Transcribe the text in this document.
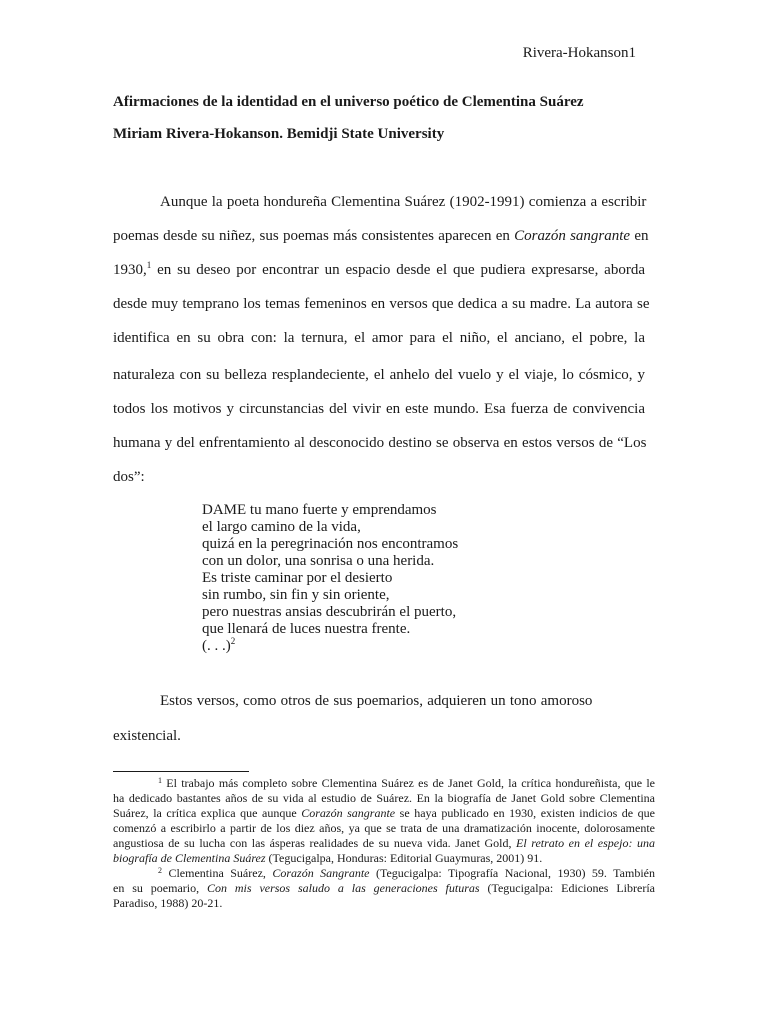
Rivera-Hokanson1
Afirmaciones de la identidad en el universo poético de Clementina Suárez
Miriam Rivera-Hokanson. Bemidji State University
Aunque la poeta hondureña Clementina Suárez (1902-1991) comienza a escribir
poemas desde su niñez, sus poemas más consistentes aparecen en Corazón sangrante en
1930,$^1$ en su deseo por encontrar un espacio desde el que pudiera expresarse, aborda
desde muy temprano los temas femeninos en versos que dedica a su madre. La autora se
identifica en su obra con: la ternura, el amor para el niño, el anciano, el pobre, la
naturaleza con su belleza resplandeciente, el anhelo del vuelo y el viaje, lo cósmico, y
todos los motivos y circunstancias del vivir en este mundo. Esa fuerza de convivencia
humana y del enfrentamiento al desconocido destino se observa en estos versos de “Los
dos”:
DAME tu mano fuerte y emprendamos
el largo camino de la vida,
quizá en la peregrinación nos encontramos
con un dolor, una sonrisa o una herida.
Es triste caminar por el desierto
sin rumbo, sin fin y sin oriente,
pero nuestras ansias descubrirán el puerto,
que llenará de luces nuestra frente.
(. . .)$^2$
Estos versos, como otros de sus poemarios, adquieren un tono amoroso
existencial.
$^1$ El trabajo más completo sobre Clementina Suárez es de Janet Gold, la crítica hondureñista, que le
ha dedicado bastantes años de su vida al estudio de Suárez. En la biografía de Janet Gold sobre Clementina
Suárez, la crítica explica que aunque Corazón sangrante se haya publicado en 1930, existen indicios de que
comenzó a escribirlo a partir de los diez años, ya que se trata de una dramatización inocente, dolorosamente
angustiosa de su lucha con las ásperas realidades de su nueva vida. Janet Gold, El retrato en el espejo: una
biografía de Clementina Suárez (Tegucigalpa, Honduras: Editorial Guaymuras, 2001) 91.
$^2$ Clementina Suárez, Corazón Sangrante (Tegucigalpa: Tipografía Nacional, 1930) 59. También
en su poemario, Con mis versos saludo a las generaciones futuras (Tegucigalpa: Ediciones Librería
Paradiso, 1988) 20-21.
